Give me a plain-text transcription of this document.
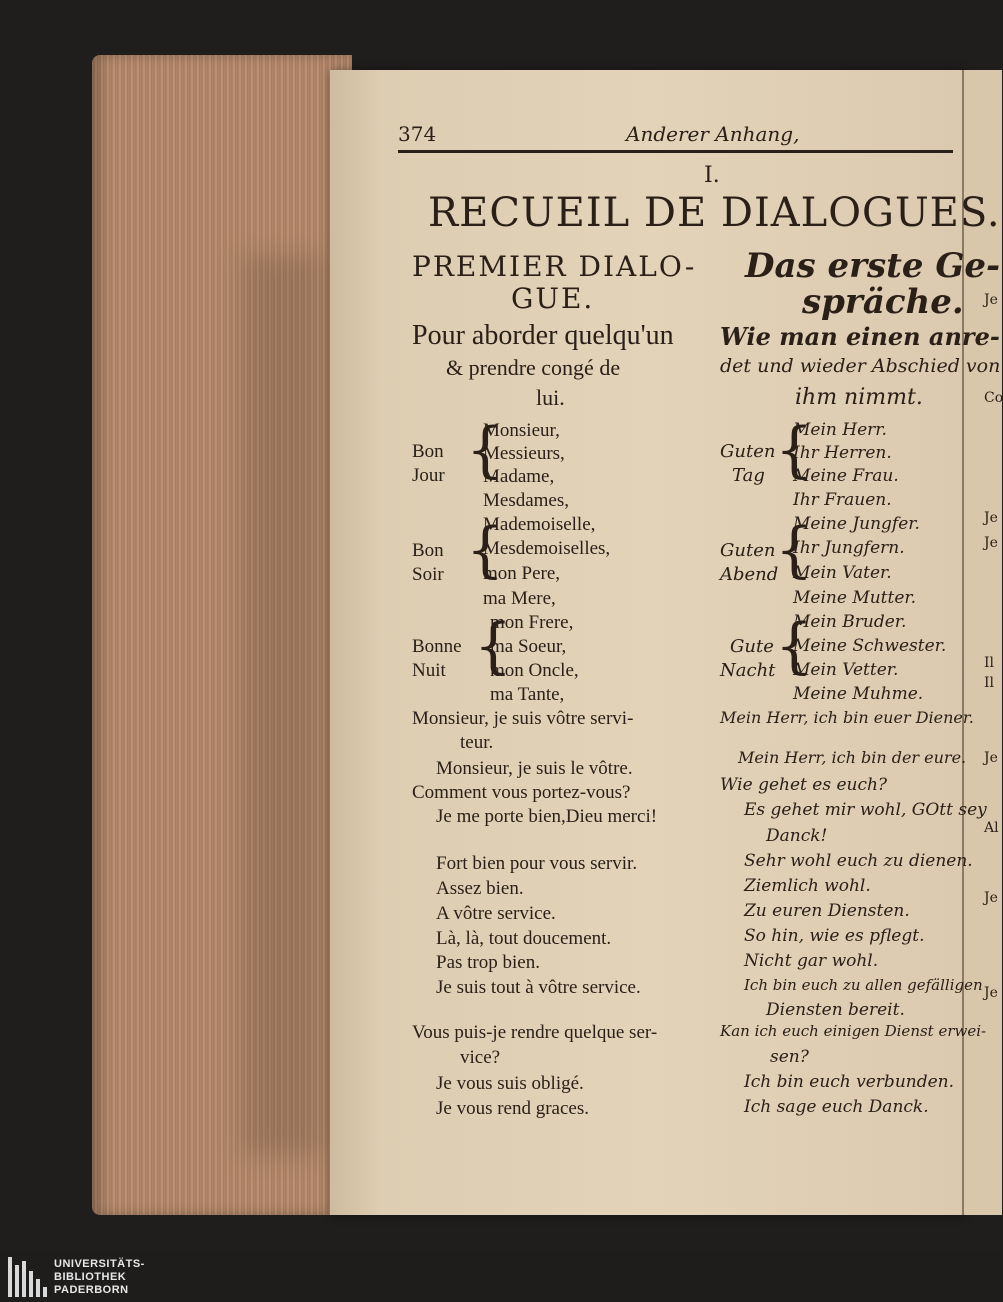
Je
Co
Je
Je
Il
Il
Je
Al
Je
Je
374	Anderer Anhang,
I.
RECUEIL DE DIALOGUES.
PREMIER DIALO-
GUE.
Pour aborder quelqu'un
& prendre congé de
lui.
Das erste Ge-
spräche.
Wie man einen anre-
det und wieder Abschied von
ihm nimmt.
Bon
Jour
Bon
Soir
Bonne
Nuit
{
{
{
Monsieur,
Messieurs,
Madame,
Mesdames,
Mademoiselle,
Mesdemoiselles,
mon Pere,
ma Mere,
mon Frere,
ma Soeur,
mon Oncle,
ma Tante,
Guten
Tag
Guten
Abend
Gute
Nacht
{
{
{
Mein Herr.
Ihr Herren.
Meine Frau.
Ihr Frauen.
Meine Jungfer.
Ihr Jungfern.
Mein Vater.
Meine Mutter.
Mein Bruder.
Meine Schwester.
Mein Vetter.
Meine Muhme.
Monsieur, je suis vôtre servi-
teur.
Monsieur, je suis le vôtre.
Comment vous portez-vous?
Je me porte bien,Dieu merci!
Fort bien pour vous servir.
Assez bien.
A vôtre service.
Là, là, tout doucement.
Pas trop bien.
Je suis tout à vôtre service.
Vous puis-je rendre quelque ser-
vice?
Je vous suis obligé.
Je vous rend graces.
Mein Herr, ich bin euer Diener.
Mein Herr, ich bin der eure.
Wie gehet es euch?
Es gehet mir wohl, GOtt sey
Danck!
Sehr wohl euch zu dienen.
Ziemlich wohl.
Zu euren Diensten.
So hin, wie es pflegt.
Nicht gar wohl.
Ich bin euch zu allen gefälligen
Diensten bereit.
Kan ich euch einigen Dienst erwei-
sen?
Ich bin euch verbunden.
Ich sage euch Danck.
UNIVERSITÄTS-
BIBLIOTHEK
PADERBORN
